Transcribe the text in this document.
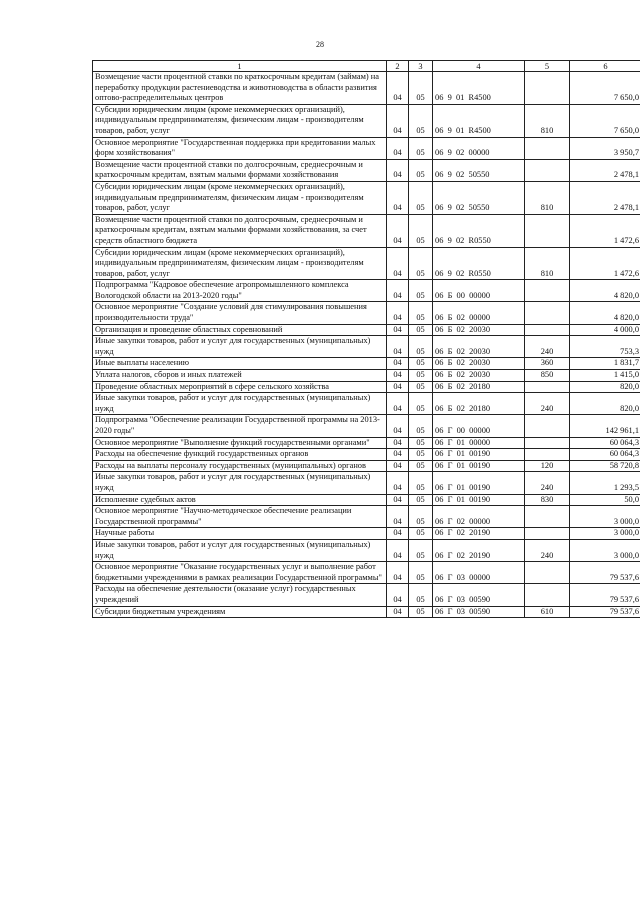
28
1	2	3	4	5	6
Возмещение части процентной ставки по краткосрочным кредитам (займам) на переработку продукции растениеводства и животноводства в области развития оптово-распределительных центров	04	05	06  9  01  R4500		7 650,0
Субсидии юридическим лицам (кроме некоммерческих организаций), индивидуальным предпринимателям, физическим лицам - производителям товаров, работ, услуг	04	05	06  9  01  R4500	810	7 650,0
Основное мероприятие "Государственная поддержка при кредитовании малых форм хозяйствования"	04	05	06  9  02  00000		3 950,7
Возмещение части процентной ставки по долгосрочным, среднесрочным и краткосрочным кредитам, взятым малыми формами хозяйствования	04	05	06  9  02  50550		2 478,1
Субсидии юридическим лицам (кроме некоммерческих организаций), индивидуальным предпринимателям, физическим лицам - производителям товаров, работ, услуг	04	05	06  9  02  50550	810	2 478,1
Возмещение части процентной ставки по долгосрочным, среднесрочным и краткосрочным кредитам, взятым малыми формами хозяйствования, за счет средств областного бюджета	04	05	06  9  02  R0550		1 472,6
Субсидии юридическим лицам (кроме некоммерческих организаций), индивидуальным предпринимателям, физическим лицам - производителям товаров, работ, услуг	04	05	06  9  02  R0550	810	1 472,6
Подпрограмма "Кадровое обеспечение агропромышленного комплекса Вологодской области на 2013-2020 годы"	04	05	06  Б  00  00000		4 820,0
Основное мероприятие "Создание условий для стимулирования повышения производительности труда"	04	05	06  Б  02  00000		4 820,0
Организация и проведение областных соревнований	04	05	06  Б  02  20030		4 000,0
Иные закупки товаров, работ и услуг для государственных (муниципальных) нужд	04	05	06  Б  02  20030	240	753,3
Иные выплаты населению	04	05	06  Б  02  20030	360	1 831,7
Уплата налогов, сборов и иных платежей	04	05	06  Б  02  20030	850	1 415,0
Проведение областных мероприятий в сфере сельского хозяйства	04	05	06  Б  02  20180		820,0
Иные закупки товаров, работ и услуг для государственных (муниципальных) нужд	04	05	06  Б  02  20180	240	820,0
Подпрограмма "Обеспечение реализации Государственной программы на 2013-2020 годы"	04	05	06  Г  00  00000		142 961,1
Основное мероприятие "Выполнение функций государственными органами"	04	05	06  Г  01  00000		60 064,3
Расходы на обеспечение функций государственных органов	04	05	06  Г  01  00190		60 064,3
Расходы на выплаты персоналу государственных (муниципальных) органов	04	05	06  Г  01  00190	120	58 720,8
Иные закупки товаров, работ и услуг для государственных (муниципальных) нужд	04	05	06  Г  01  00190	240	1 293,5
Исполнение судебных актов	04	05	06  Г  01  00190	830	50,0
Основное мероприятие "Научно-методическое обеспечение реализации Государственной программы"	04	05	06  Г  02  00000		3 000,0
Научные работы	04	05	06  Г  02  20190		3 000,0
Иные закупки товаров, работ и услуг для государственных (муниципальных) нужд	04	05	06  Г  02  20190	240	3 000,0
Основное мероприятие "Оказание государственных услуг и выполнение работ бюджетными учреждениями в рамках реализации Государственной программы"	04	05	06  Г  03  00000		79 537,6
Расходы на обеспечение деятельности (оказание услуг) государственных учреждений	04	05	06  Г  03  00590		79 537,6
Субсидии бюджетным учреждениям	04	05	06  Г  03  00590	610	79 537,6
